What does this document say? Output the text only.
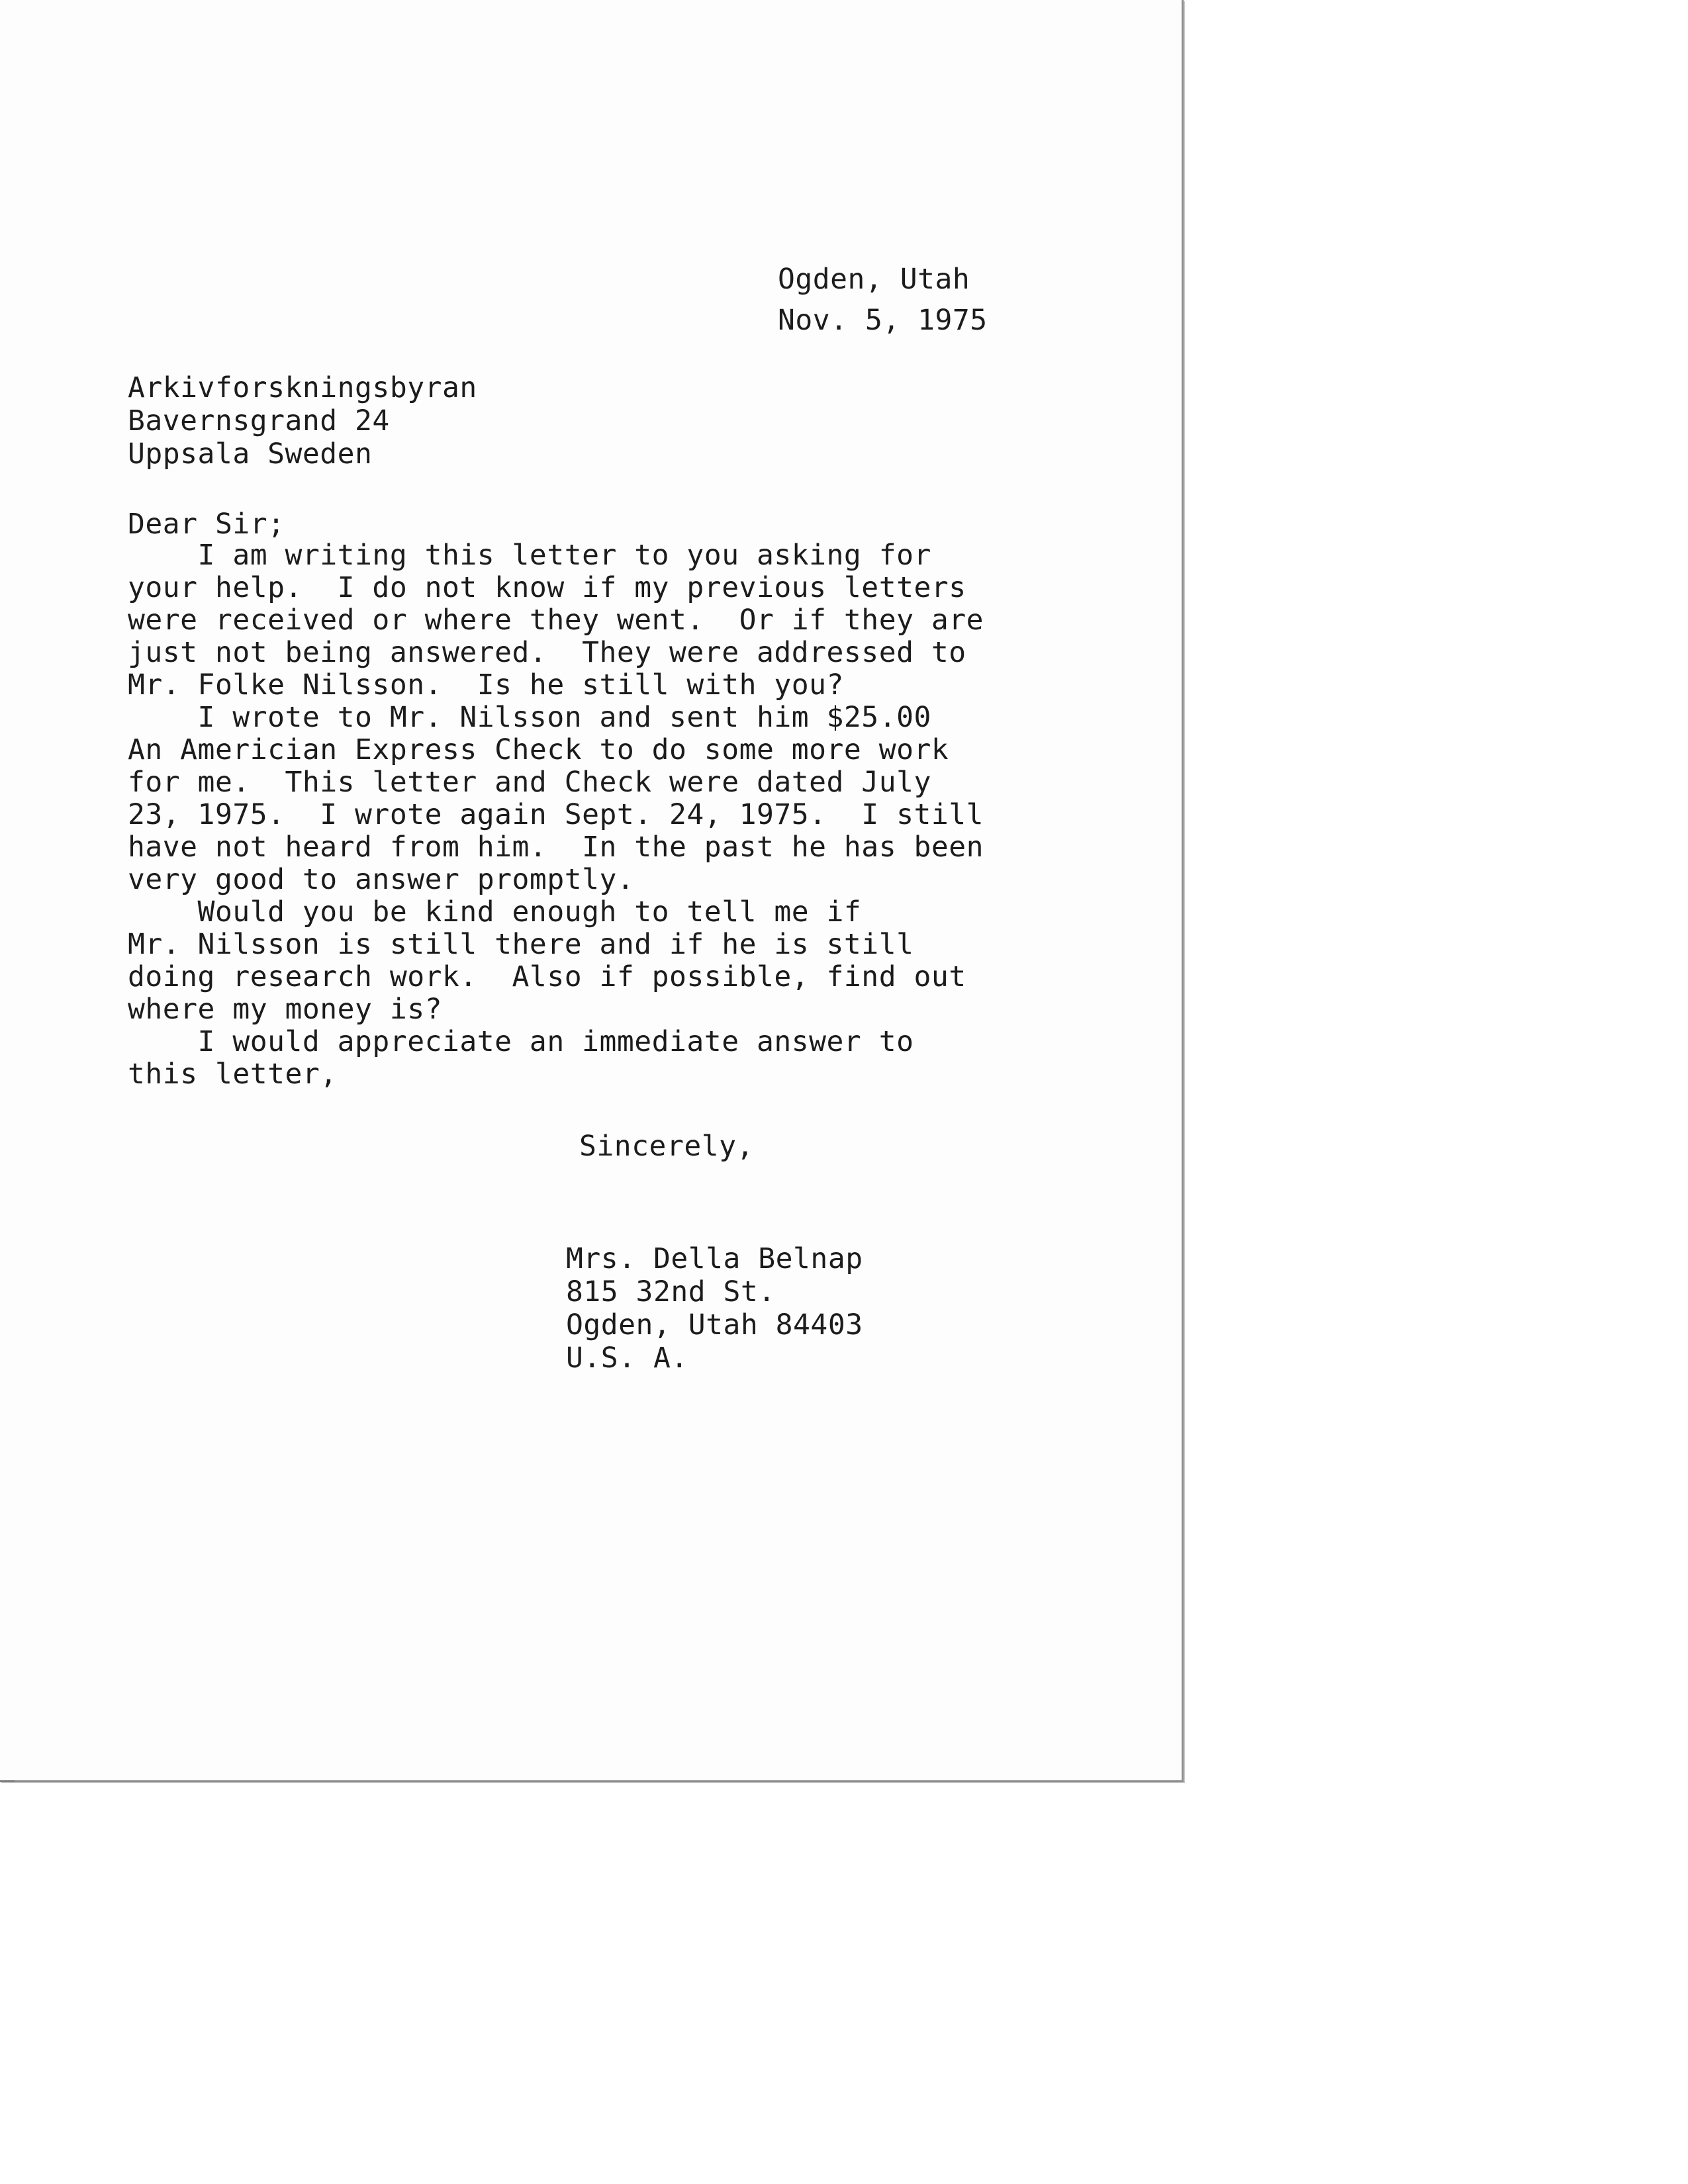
Ogden, Utah
Nov. 5, 1975
Arkivforskningsbyran
Bavernsgrand 24
Uppsala Sweden
Dear Sir;
I am writing this letter to you asking for
your help.  I do not know if my previous letters
were received or where they went.  Or if they are
just not being answered.  They were addressed to
Mr. Folke Nilsson.  Is he still with you?
I wrote to Mr. Nilsson and sent him $25.00
An Americian Express Check to do some more work
for me.  This letter and Check were dated July
23, 1975.  I wrote again Sept. 24, 1975.  I still
have not heard from him.  In the past he has been
very good to answer promptly.
Would you be kind enough to tell me if
Mr. Nilsson is still there and if he is still
doing research work.  Also if possible, find out
where my money is?
I would appreciate an immediate answer to
this letter,
Sincerely,
Mrs. Della Belnap
815 32nd St.
Ogden, Utah 84403
U.S. A.
